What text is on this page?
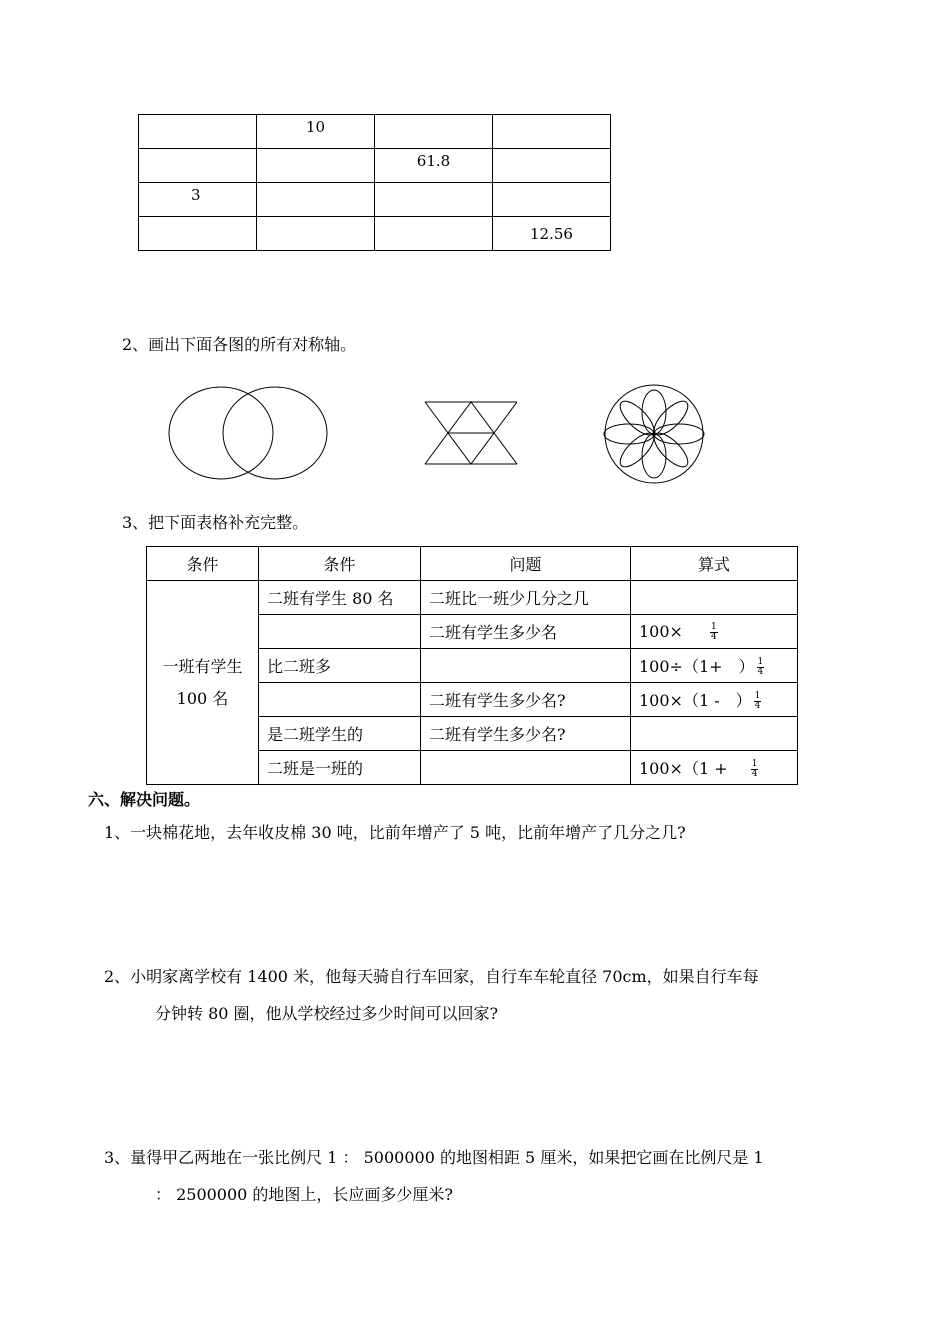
	10		
		61.8	
3			
			12.56
2、画出下面各图的所有对称轴。
3、把下面表格补充完整。
条件	条件	问题	算式

一班有学生
100 名	二班有学生 80 名	二班比一班少几分之几	
		二班有学生多少名	$100\times \frac{1}{4}$

	比二班多		100÷（1+　） $\frac{1}{4}$

		二班有学生多少名?	100×（1 -　） $\frac{1}{4}$

	是二班学生的	二班有学生多少名?	
	二班是一班的		$100\times(1 + \frac{1}{4}$
六、解决问题。
1、一块棉花地，去年收皮棉 30 吨，比前年增产了 5 吨，比前年增产了几分之几?
2、小明家离学校有 1400 米，他每天骑自行车回家，自行车车轮直径 70cm，如果自行车每
分钟转 80 圈，他从学校经过多少时间可以回家?
3、量得甲乙两地在一张比例尺 1 ： 5000000 的地图相距 5 厘米，如果把它画在比例尺是 1
： 2500000 的地图上，长应画多少厘米?
